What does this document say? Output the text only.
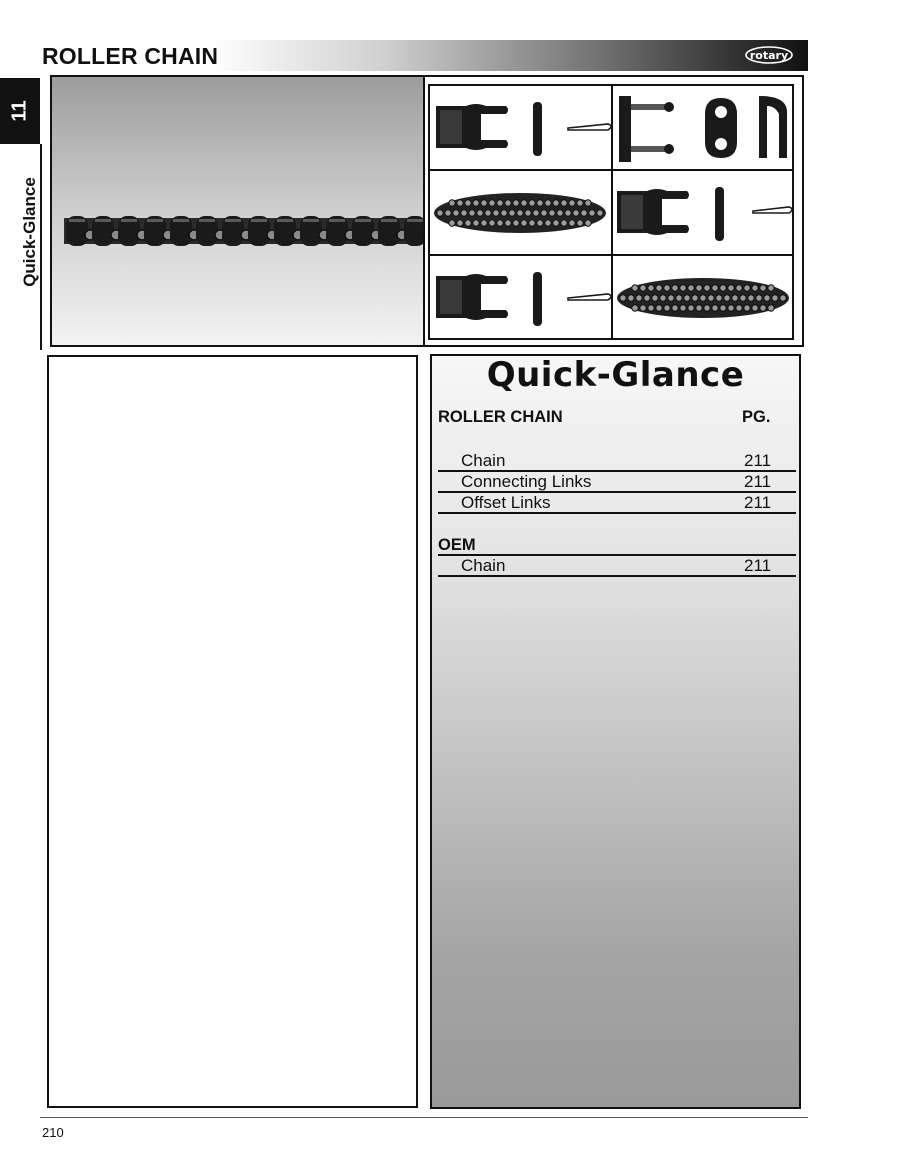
ROLLER CHAIN	rotary
11
Quick-Glance
Quick-Glance
ROLLER CHAIN	PG.
Chain	211
Connecting Links	211
Offset Links	211
OEM
Chain	211
210
